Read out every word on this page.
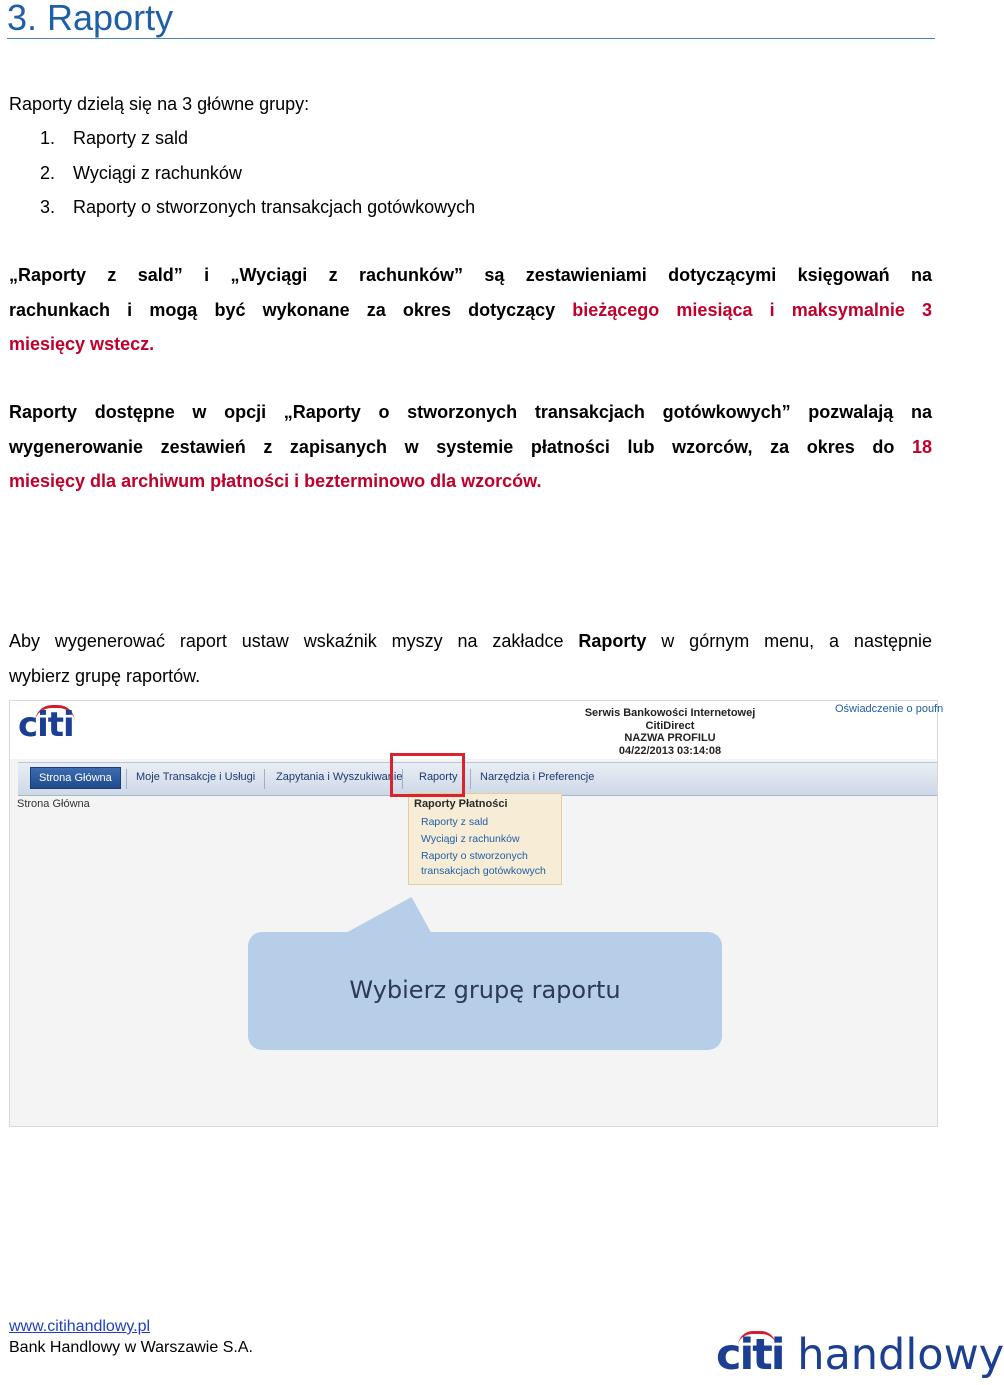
3. Raporty
Raporty dzielą się na 3 główne grupy:
1. Raporty z sald
2. Wyciągi z rachunków
3. Raporty o stworzonych transakcjach gotówkowych
„Raporty z sald” i „Wyciągi z rachunków” są zestawieniami dotyczącymi księgowań na
rachunkach i mogą być wykonane za okres dotyczący bieżącego miesiąca i maksymalnie 3
miesięcy wstecz.
Raporty dostępne w opcji „Raporty o stworzonych transakcjach gotówkowych” pozwalają na
wygenerowanie zestawień z zapisanych w systemie płatności lub wzorców, za okres do 18
miesięcy dla archiwum płatności i bezterminowo dla wzorców.
Aby wygenerować raport ustaw wskaźnik myszy na zakładce Raporty w górnym menu, a następnie
wybierz grupę raportów.
citi	Serwis Bankowości Internetowej
CitiDirect
NAZWA PROFILU
04/22/2013 03:14:08
Oświadczenie o poufn
Strona Główna	Moje Transakcje i Usługi Zapytania i Wyszukiwanie Raporty Narzędzia i Preferencje
Strona Główna	Raporty Płatności
Raporty z sald
Wyciągi z rachunków
Raporty o stworzonych
transakcjach gotówkowych
Wybierz grupę raportu
www.citihandlowy.pl
Bank Handlowy w Warszawie S.A.	citi handlowy
